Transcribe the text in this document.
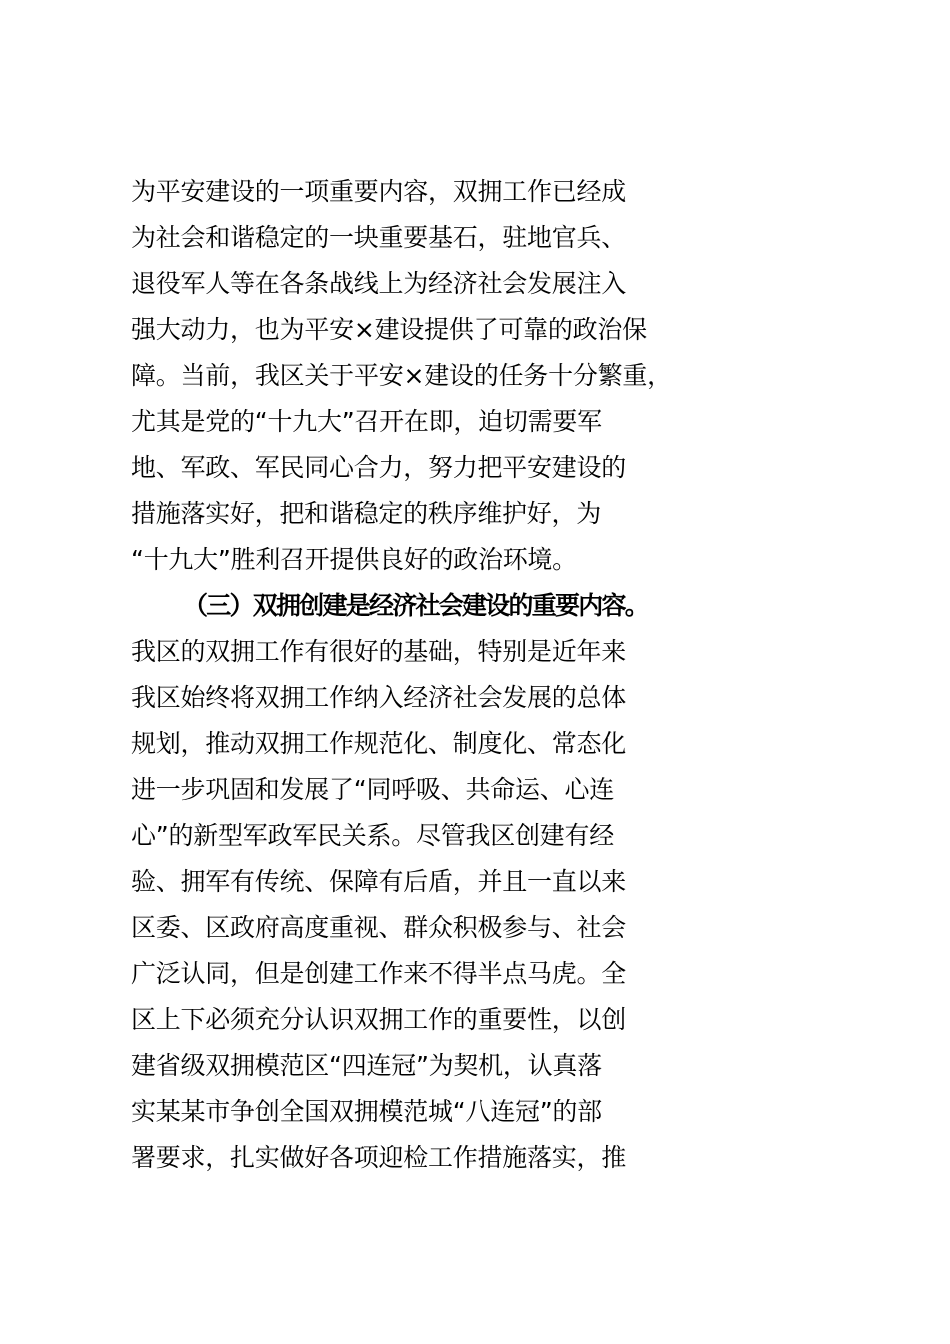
为平安建设的一项重要内容，双拥工作已经成
为社会和谐稳定的一块重要基石，驻地官兵、
退役军人等在各条战线上为经济社会发展注入
强大动力，也为平安×建设提供了可靠的政治保
障。当前，我区关于平安×建设的任务十分繁重，
尤其是党的“十九大”召开在即，迫切需要军
地、军政、军民同心合力，努力把平安建设的
措施落实好，把和谐稳定的秩序维护好，为
“十九大”胜利召开提供良好的政治环境。
（三）双拥创建是经济社会建设的重要内容。
我区的双拥工作有很好的基础，特别是近年来
我区始终将双拥工作纳入经济社会发展的总体
规划，推动双拥工作规范化、制度化、常态化
进一步巩固和发展了“同呼吸、共命运、心连
心”的新型军政军民关系。尽管我区创建有经
验、拥军有传统、保障有后盾，并且一直以来
区委、区政府高度重视、群众积极参与、社会
广泛认同，但是创建工作来不得半点马虎。全
区上下必须充分认识双拥工作的重要性，以创
建省级双拥模范区“四连冠”为契机，认真落
实某某市争创全国双拥模范城“八连冠”的部
署要求，扎实做好各项迎检工作措施落实，推
